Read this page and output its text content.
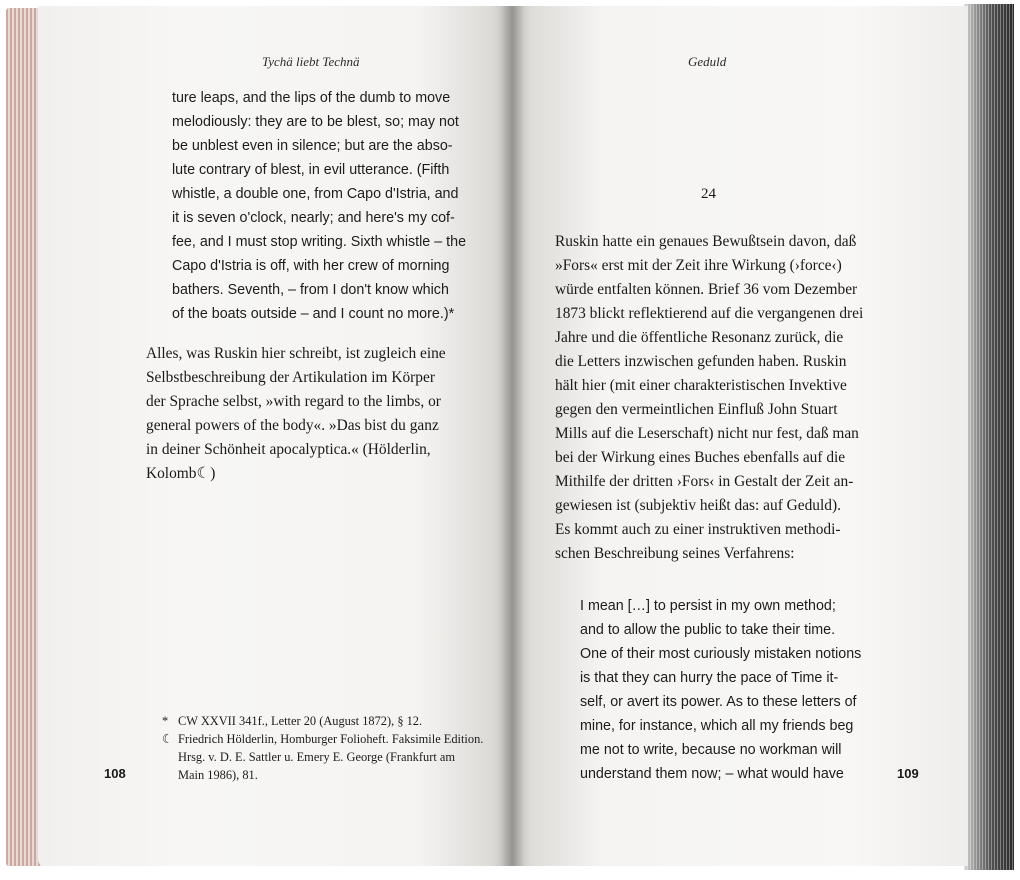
Tychä liebt Technä
ture leaps, and the lips of the dumb to move
melodiously: they are to be blest, so; may not
be unblest even in silence; but are the abso-
lute contrary of blest, in evil utterance. (Fifth
whistle, a double one, from Capo d'Istria, and
it is seven o'clock, nearly; and here's my cof-
fee, and I must stop writing. Sixth whistle – the
Capo d'Istria is off, with her crew of morning
bathers. Seventh, – from I don't know which
of the boats outside – and I count no more.)*
Alles, was Ruskin hier schreibt, ist zugleich eine
Selbstbeschreibung der Artikulation im Körper
der Sprache selbst, »with regard to the limbs, or
general powers of the body«. »Das bist du ganz
in deiner Schönheit apocalyptica.« (Hölderlin,
Kolomb☾)
* CW XXVII 341f., Letter 20 (August 1872), § 12.
☾ Friedrich Hölderlin, Homburger Folioheft. Faksimile Edition.
Hrsg. v. D. E. Sattler u. Emery E. George (Frankfurt am
Main 1986), 81.
108
Geduld
24
Ruskin hatte ein genaues Bewußtsein davon, daß
»Fors« erst mit der Zeit ihre Wirkung (›force‹)
würde entfalten können. Brief 36 vom Dezember
1873 blickt reflektierend auf die vergangenen drei
Jahre und die öffentliche Resonanz zurück, die
die Letters inzwischen gefunden haben. Ruskin
hält hier (mit einer charakteristischen Invektive
gegen den vermeintlichen Einfluß John Stuart
Mills auf die Leserschaft) nicht nur fest, daß man
bei der Wirkung eines Buches ebenfalls auf die
Mithilfe der dritten ›Fors‹ in Gestalt der Zeit an-
gewiesen ist (subjektiv heißt das: auf Geduld).
Es kommt auch zu einer instruktiven methodi-
schen Beschreibung seines Verfahrens:
I mean […] to persist in my own method;
and to allow the public to take their time.
One of their most curiously mistaken notions
is that they can hurry the pace of Time it-
self, or avert its power. As to these letters of
mine, for instance, which all my friends beg
me not to write, because no workman will
understand them now; – what would have	109
